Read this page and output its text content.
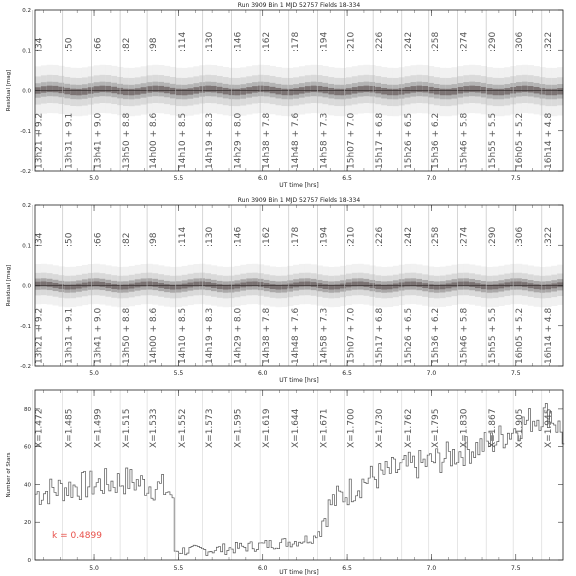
:34
13h21 + 9.2
:50
13h31 + 9.1
:66
13h41 + 9.0
:82
13h50 + 8.8
:98
14h00 + 8.6
:114
14h10 + 8.5
:130
14h19 + 8.3
:146
14h29 + 8.0
:162
14h38 + 7.8
:178
14h48 + 7.6
:194
14h58 + 7.3
:210
15h07 + 7.0
:226
15h17 + 6.8
:242
15h26 + 6.5
:258
15h36 + 6.2
:274
15h46 + 5.8
:290
15h55 + 5.5
:306
16h05 + 5.2
:322
16h14 + 4.8
5.0	5.5	6.0	6.5	7.0	7.5
-0.2
-0.1
0.0
0.1
0.2
UT time [hrs]
Residual [mag]
Run 3909 Bin 1 MJD 52757 Fields 18-334
:34
13h21 + 9.2
:50
13h31 + 9.1
:66
13h41 + 9.0
:82
13h50 + 8.8
:98
14h00 + 8.6
:114
14h10 + 8.5
:130
14h19 + 8.3
:146
14h29 + 8.0
:162
14h38 + 7.8
:178
14h48 + 7.6
:194
14h58 + 7.3
:210
15h07 + 7.0
:226
15h17 + 6.8
:242
15h26 + 6.5
:258
15h36 + 6.2
:274
15h46 + 5.8
:290
15h55 + 5.5
:306
16h05 + 5.2
:322
16h14 + 4.8
5.0	5.5	6.0	6.5	7.0	7.5
-0.2
-0.1
0.0
0.1
0.2
UT time [hrs]
Residual [mag]
Run 3909 Bin 1 MJD 52757 Fields 18-334
X=1.472 X=1.485 X=1.499 X=1.515 X=1.533 X=1.552 X=1.573 X=1.595 X=1.619 X=1.644 X=1.671 X=1.700 X=1.730 X=1.762 X=1.795 X=1.830 X=1.867 X=1.905 X=1.945
k = 0.4899
5.0	5.5	6.0	6.5	7.0	7.5
0
20
40
60
80
UT time [hrs]
Number of Stars
